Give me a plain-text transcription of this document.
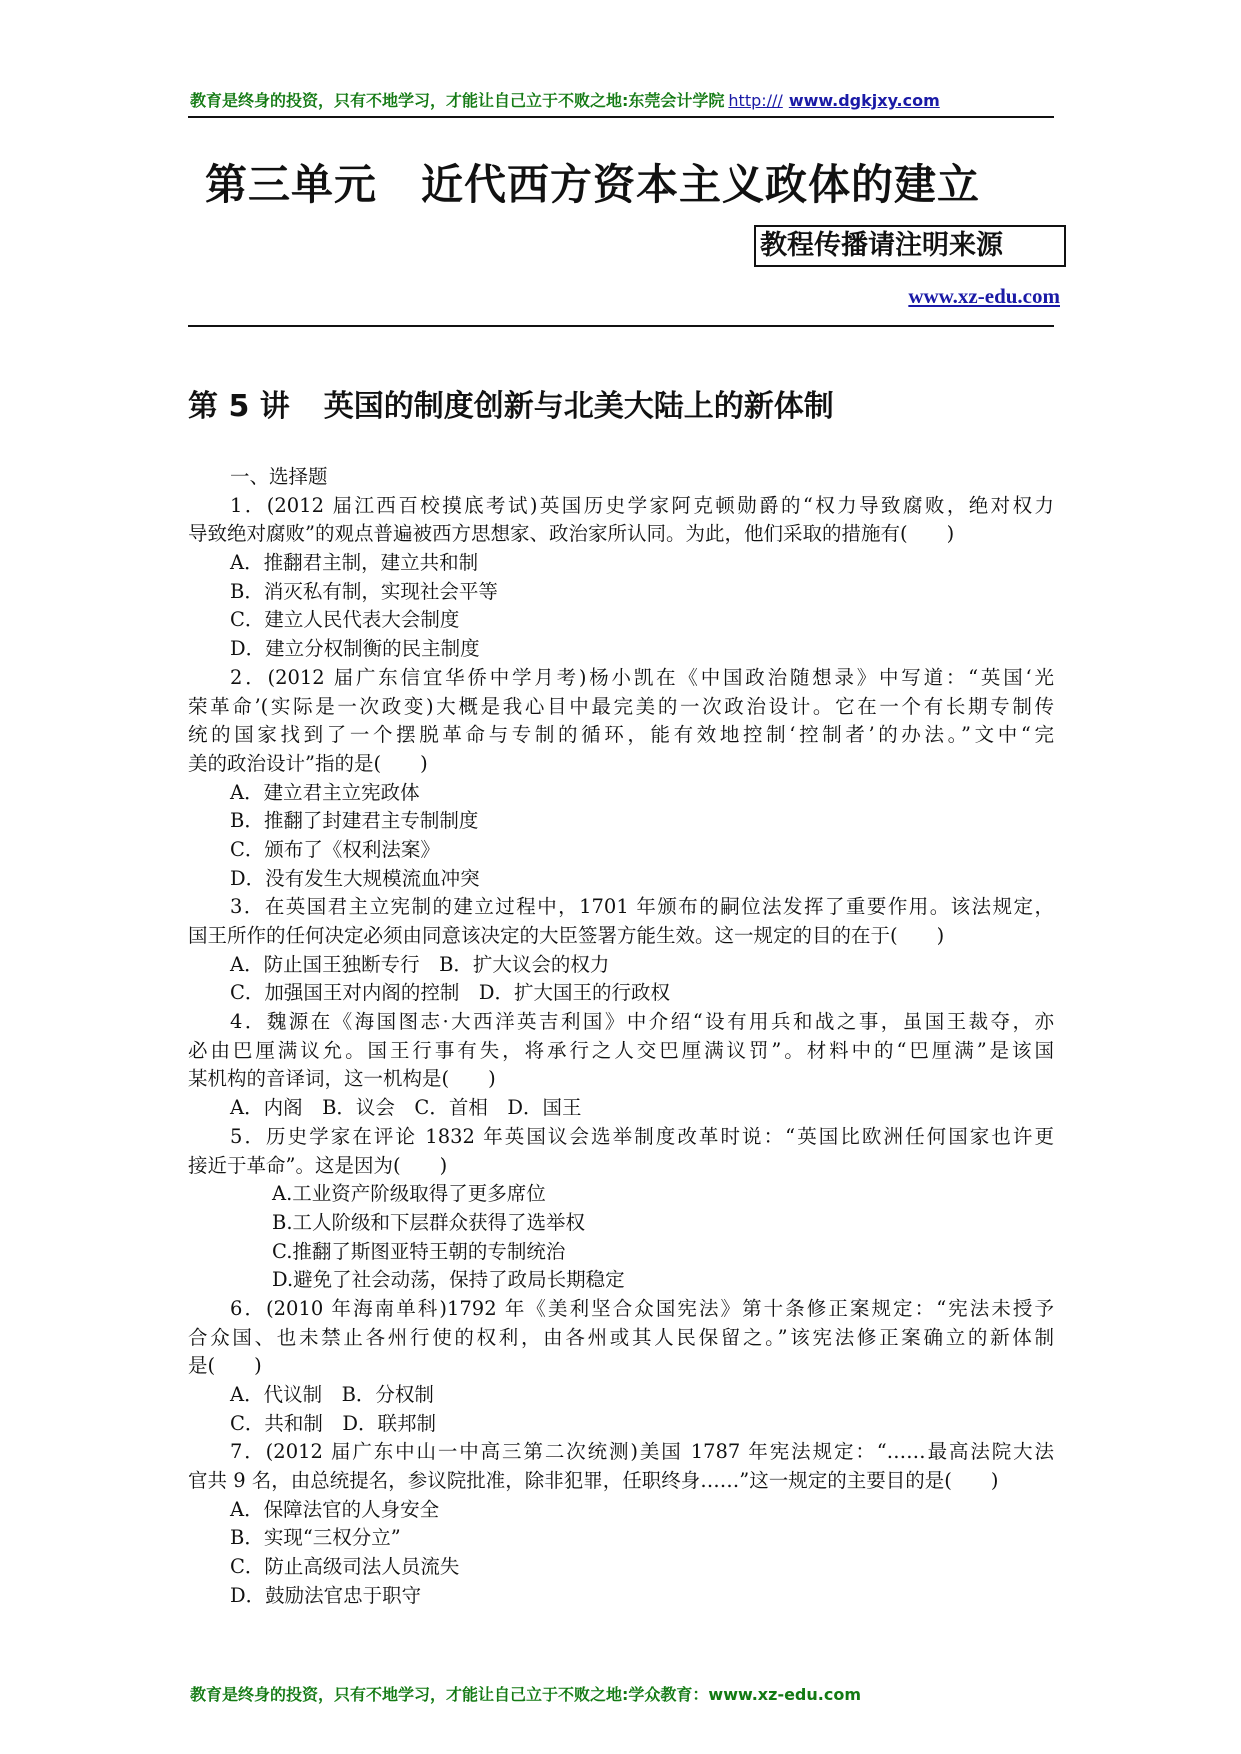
教育是终身的投资，只有不地学习，才能让自己立于不败之地:东莞会计学院 http:/// www.dgkjxy.com
第三单元 近代西方资本主义政体的建立
教程传播请注明来源
www.xz-edu.com
第 5 讲 英国的制度创新与北美大陆上的新体制
一、选择题
1．(2012 届江西百校摸底考试)英国历史学家阿克顿勋爵的“权力导致腐败，绝对权力
导致绝对腐败”的观点普遍被西方思想家、政治家所认同。为此，他们采取的措施有(　　)
A．推翻君主制，建立共和制
B．消灭私有制，实现社会平等
C．建立人民代表大会制度
D．建立分权制衡的民主制度
2．(2012 届广东信宜华侨中学月考)杨小凯在《中国政治随想录》中写道：“英国‘光
荣革命’(实际是一次政变)大概是我心目中最完美的一次政治设计。它在一个有长期专制传
统的国家找到了一个摆脱革命与专制的循环，能有效地控制‘控制者’的办法。”文中“完
美的政治设计”指的是(　　)
A．建立君主立宪政体
B．推翻了封建君主专制制度
C．颁布了《权利法案》
D．没有发生大规模流血冲突
3．在英国君主立宪制的建立过程中，1701 年颁布的嗣位法发挥了重要作用。该法规定，
国王所作的任何决定必须由同意该决定的大臣签署方能生效。这一规定的目的在于(　　)
A．防止国王独断专行　B．扩大议会的权力
C．加强国王对内阁的控制　D．扩大国王的行政权
4．魏源在《海国图志·大西洋英吉利国》中介绍“设有用兵和战之事，虽国王裁夺，亦
必由巴厘满议允。国王行事有失，将承行之人交巴厘满议罚”。材料中的“巴厘满”是该国
某机构的音译词，这一机构是(　　)
A．内阁　B．议会　C．首相　D．国王
5．历史学家在评论 1832 年英国议会选举制度改革时说：“英国比欧洲任何国家也许更
接近于革命”。这是因为(　　)
A.工业资产阶级取得了更多席位
B.工人阶级和下层群众获得了选举权
C.推翻了斯图亚特王朝的专制统治
D.避免了社会动荡，保持了政局长期稳定
6．(2010 年海南单科)1792 年《美利坚合众国宪法》第十条修正案规定：“宪法未授予
合众国、也未禁止各州行使的权利，由各州或其人民保留之。”该宪法修正案确立的新体制
是(　　)
A．代议制　B．分权制
C．共和制　D．联邦制
7．(2012 届广东中山一中高三第二次统测)美国 1787 年宪法规定：“……最高法院大法
官共 9 名，由总统提名，参议院批准，除非犯罪，任职终身……”这一规定的主要目的是(　　)
A．保障法官的人身安全
B．实现“三权分立”
C．防止高级司法人员流失
D．鼓励法官忠于职守
教育是终身的投资，只有不地学习，才能让自己立于不败之地:学众教育：www.xz-edu.com
